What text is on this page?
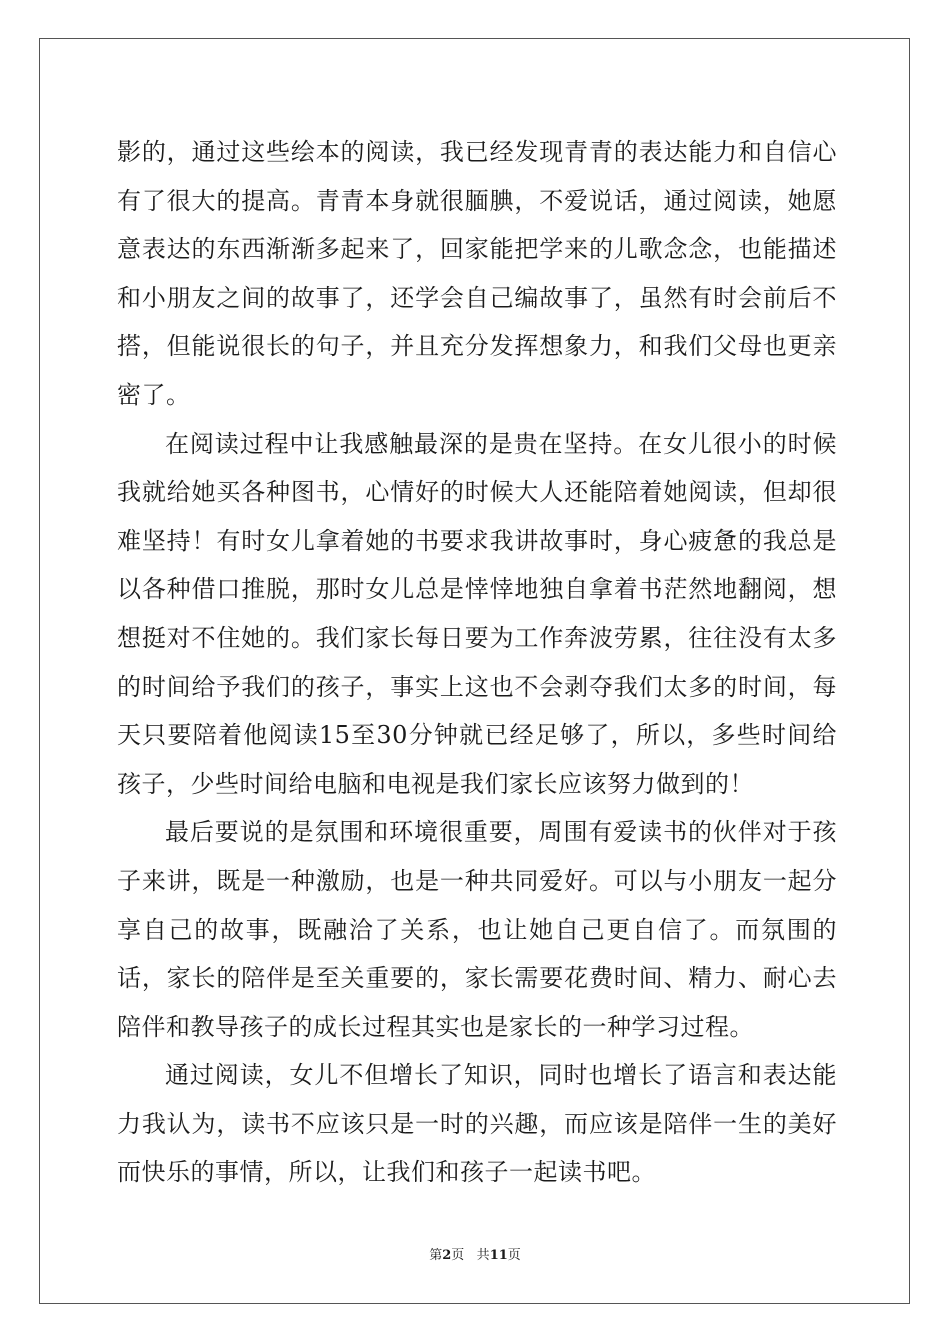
影的，通过这些绘本的阅读，我已经发现青青的表达能力和自信心有了很大的提高。青青本身就很腼腆，不爱说话，通过阅读，她愿意表达的东西渐渐多起来了，回家能把学来的儿歌念念，也能描述和小朋友之间的故事了，还学会自己编故事了，虽然有时会前后不搭，但能说很长的句子，并且充分发挥想象力，和我们父母也更亲密了。

在阅读过程中让我感触最深的是贵在坚持。在女儿很小的时候我就给她买各种图书，心情好的时候大人还能陪着她阅读，但却很难坚持！有时女儿拿着她的书要求我讲故事时，身心疲惫的我总是以各种借口推脱，那时女儿总是悻悻地独自拿着书茫然地翻阅，想想挺对不住她的。我们家长每日要为工作奔波劳累，往往没有太多的时间给予我们的孩子，事实上这也不会剥夺我们太多的时间，每天只要陪着他阅读15至30分钟就已经足够了，所以，多些时间给孩子，少些时间给电脑和电视是我们家长应该努力做到的！

最后要说的是氛围和环境很重要，周围有爱读书的伙伴对于孩子来讲，既是一种激励，也是一种共同爱好。可以与小朋友一起分享自己的故事，既融洽了关系，也让她自己更自信了。而氛围的话，家长的陪伴是至关重要的，家长需要花费时间、精力、耐心去陪伴和教导孩子的成长过程其实也是家长的一种学习过程。

通过阅读，女儿不但增长了知识，同时也增长了语言和表达能力我认为，读书不应该只是一时的兴趣，而应该是陪伴一生的美好而快乐的事情，所以，让我们和孩子一起读书吧。

第2页 共11页
